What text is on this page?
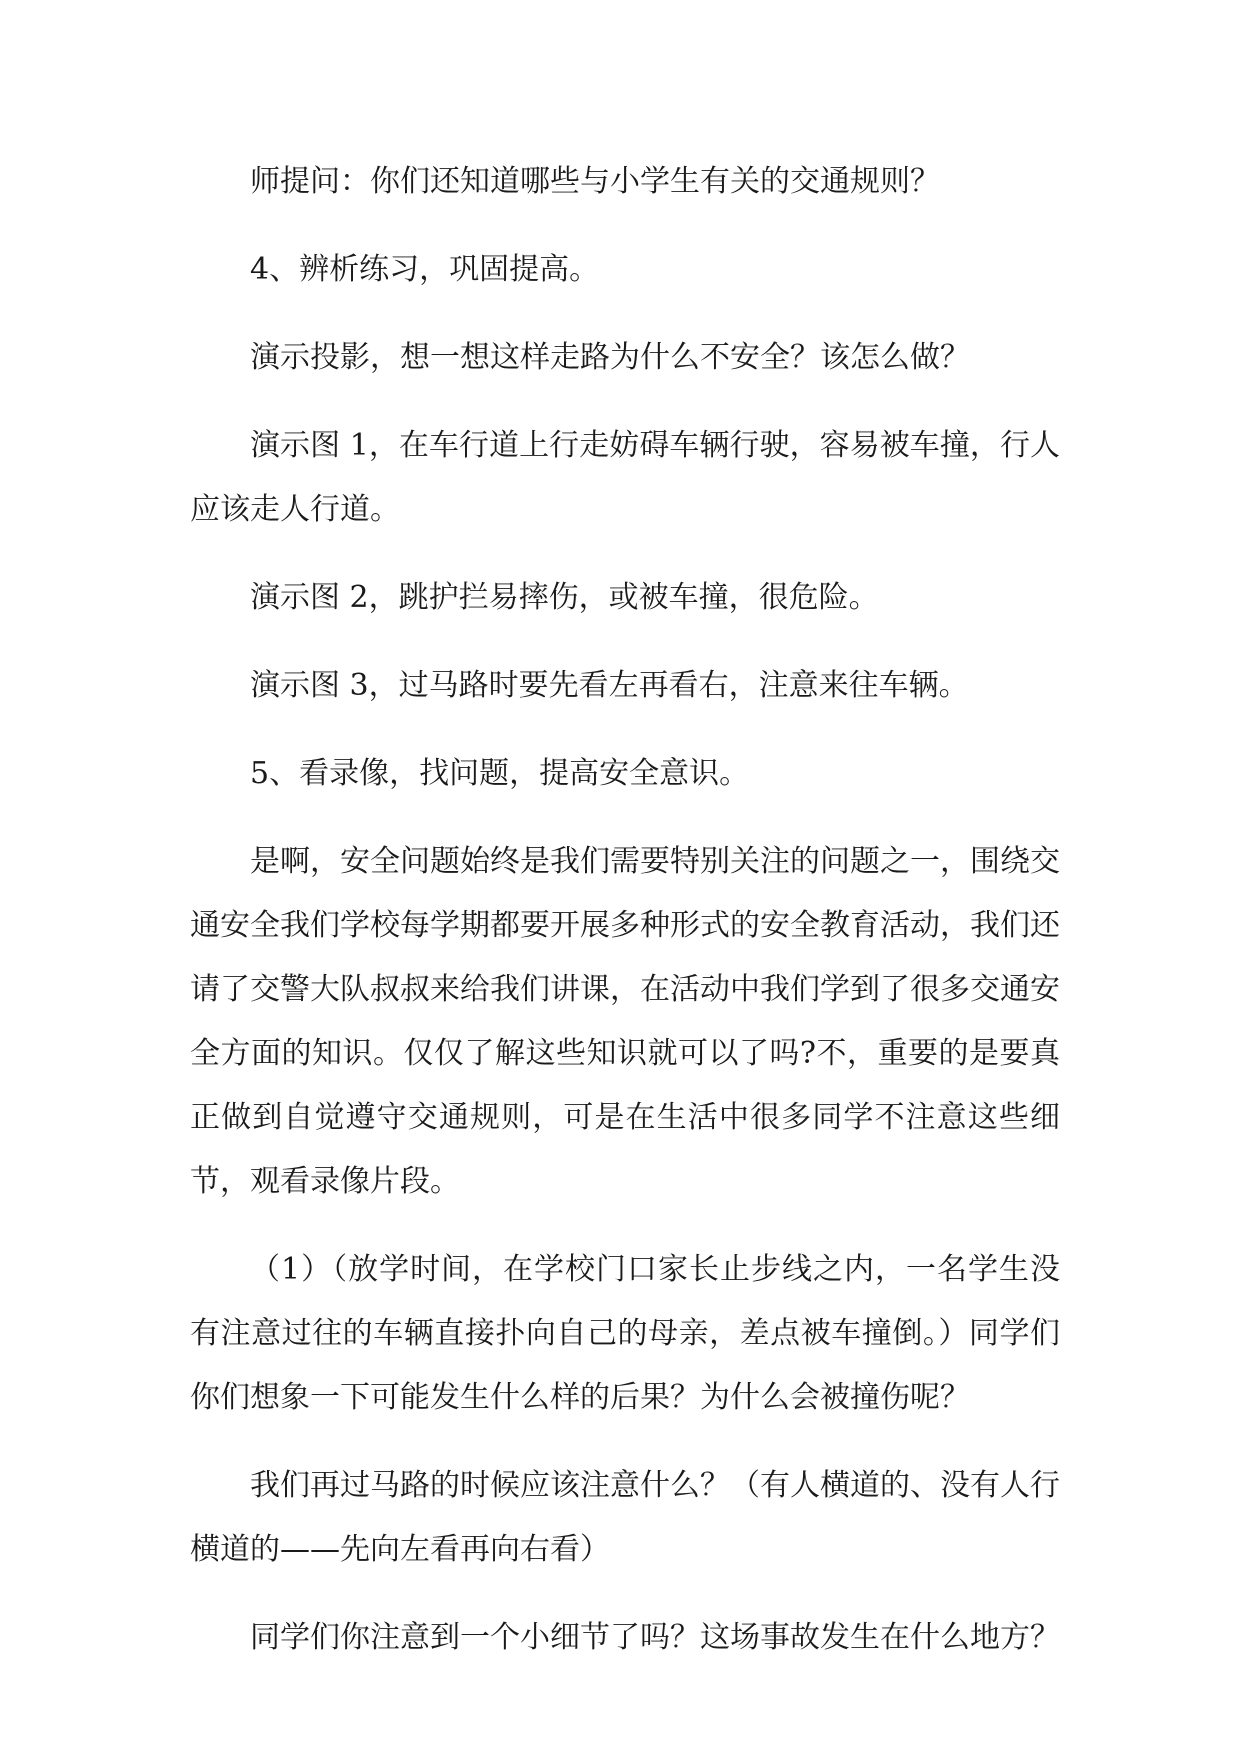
师提问：你们还知道哪些与小学生有关的交通规则？

4、辨析练习，巩固提高。

演示投影，想一想这样走路为什么不安全？该怎么做？

演示图 1，在车行道上行走妨碍车辆行驶，容易被车撞，行人应该走人行道。

演示图 2，跳护拦易摔伤，或被车撞，很危险。

演示图 3，过马路时要先看左再看右，注意来往车辆。

5、看录像，找问题，提高安全意识。

是啊，安全问题始终是我们需要特别关注的问题之一，围绕交通安全我们学校每学期都要开展多种形式的安全教育活动，我们还请了交警大队叔叔来给我们讲课，在活动中我们学到了很多交通安全方面的知识。仅仅了解这些知识就可以了吗?不，重要的是要真正做到自觉遵守交通规则，可是在生活中很多同学不注意这些细节，观看录像片段。

（1）（放学时间，在学校门口家长止步线之内，一名学生没有注意过往的车辆直接扑向自己的母亲，差点被车撞倒。）同学们你们想象一下可能发生什么样的后果？为什么会被撞伤呢？

我们再过马路的时候应该注意什么？（有人横道的、没有人行横道的——先向左看再向右看）

同学们你注意到一个小细节了吗？这场事故发生在什么地方？
